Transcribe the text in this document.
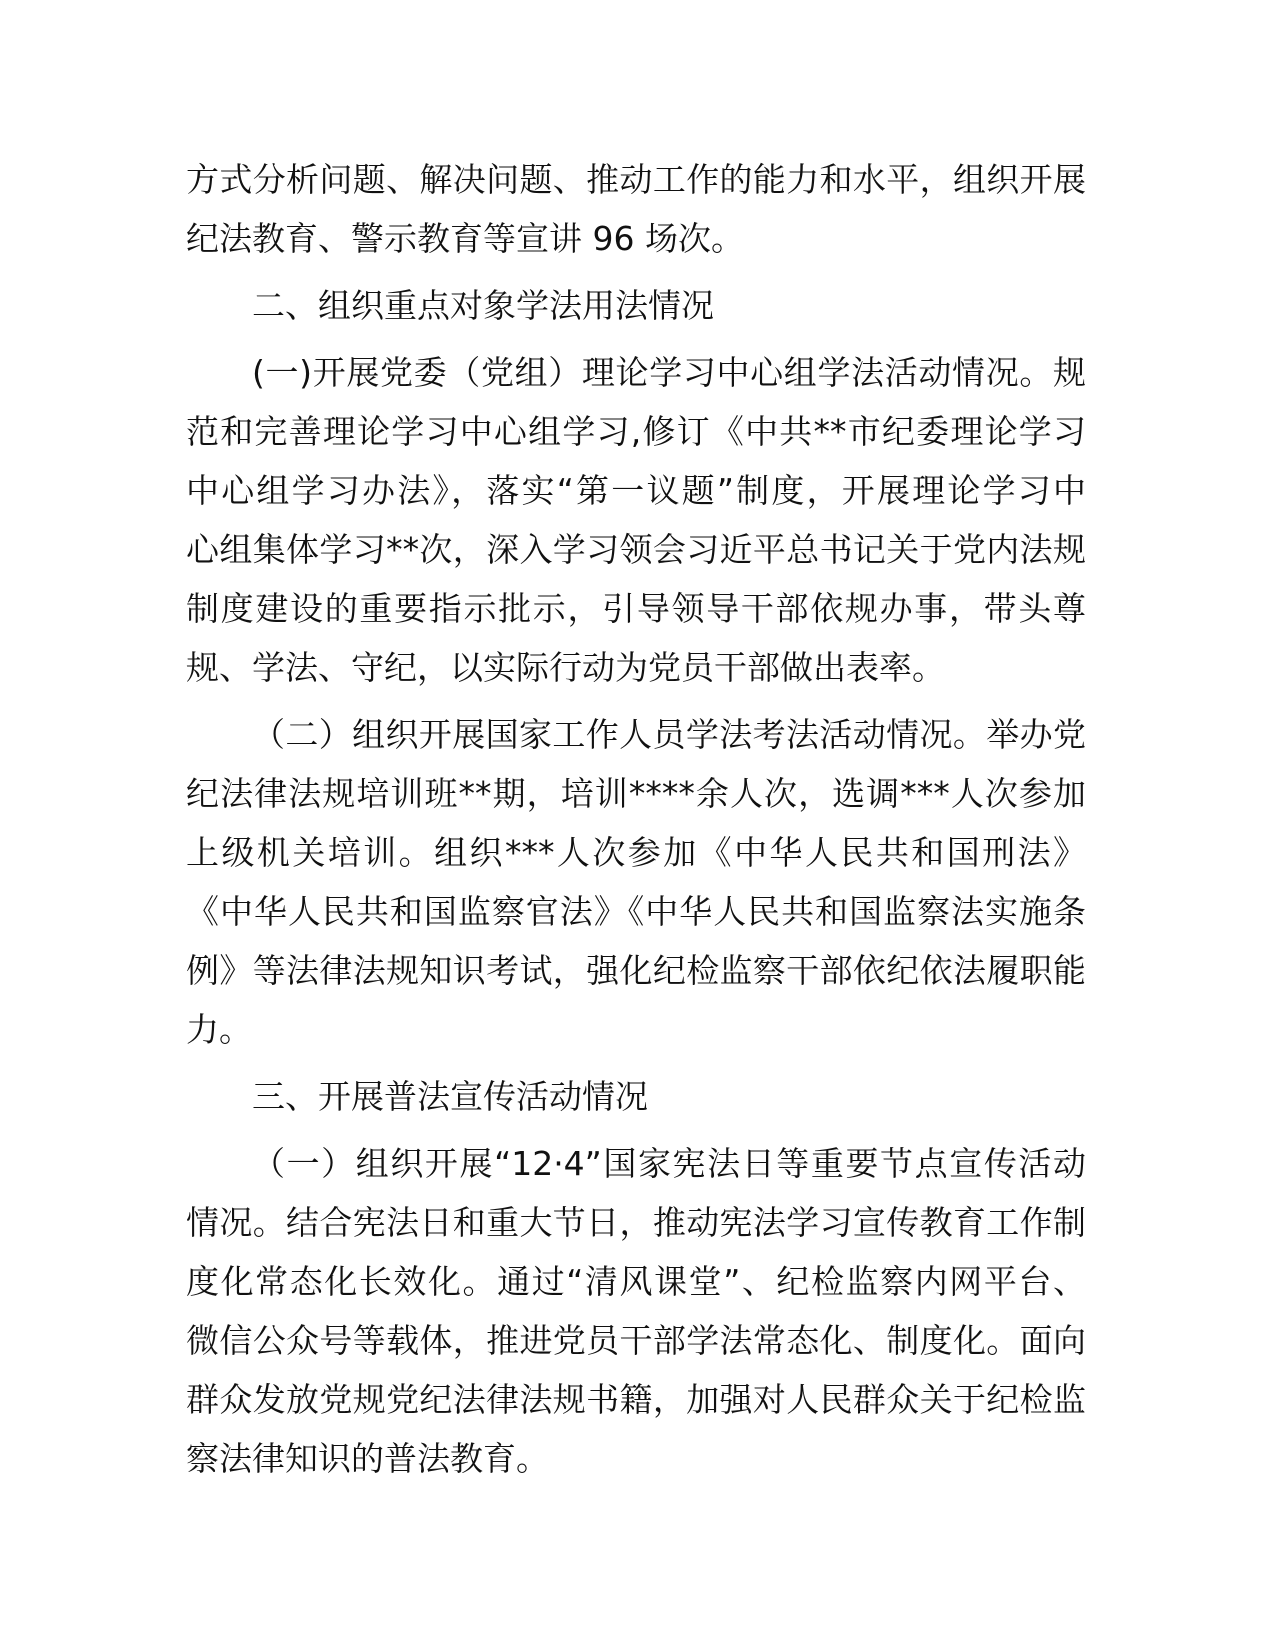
方式分析问题、解决问题、推动工作的能力和水平，组织开展
纪法教育、警示教育等宣讲 96 场次。
二、组织重点对象学法用法情况
(一)开展党委（党组）理论学习中心组学法活动情况。规
范和完善理论学习中心组学习,修订《中共**市纪委理论学习
中心组学习办法》，落实“第一议题”制度，开展理论学习中
心组集体学习**次，深入学习领会习近平总书记关于党内法规
制度建设的重要指示批示，引导领导干部依规办事，带头尊
规、学法、守纪，以实际行动为党员干部做出表率。
（二）组织开展国家工作人员学法考法活动情况。举办党
纪法律法规培训班**期，培训****余人次，选调***人次参加
上级机关培训。组织***人次参加《中华人民共和国刑法》
《中华人民共和国监察官法》《中华人民共和国监察法实施条
例》等法律法规知识考试，强化纪检监察干部依纪依法履职能
力。
三、开展普法宣传活动情况
（一）组织开展“12·4”国家宪法日等重要节点宣传活动
情况。结合宪法日和重大节日，推动宪法学习宣传教育工作制
度化常态化长效化。通过“清风课堂”、纪检监察内网平台、
微信公众号等载体，推进党员干部学法常态化、制度化。面向
群众发放党规党纪法律法规书籍，加强对人民群众关于纪检监
察法律知识的普法教育。
